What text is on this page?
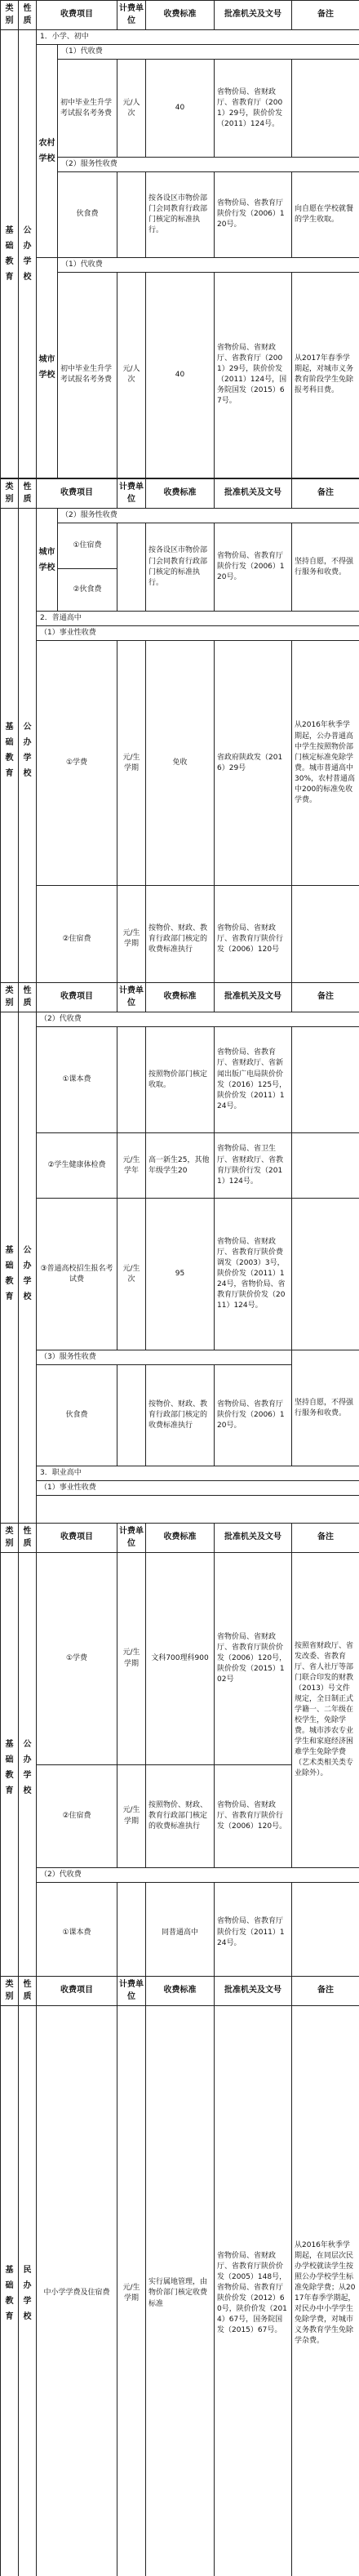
类别	性质	收费项目		计费单位	收费标准	批准机关及文号	备注
基础教育	公办学校	1．小学、初中					
		农村学校	（1）代收费				
			初中毕业生升学考试报名考务费	元/人次	40	省物价局、省财政厅、省教育厅（2001）29号，陕价价发（2011）124号。	
			（2）服务性收费				
			伙食费		按各设区市物价部门会同教育行政部门核定的标准执行。	省物价局、省教育厅陕价行发（2006）120号。	向自愿在学校就餐的学生收取。
		城市学校	（1）代收费				
			初中毕业生升学考试报名考务费	元/人次	40	省物价局、省财政厅、省教育厅（2001）29号，陕价价发（2011）124号，国务院国发（2015）67号。	从2017年春季学期起，对城市义务教育阶段学生免除报考科目费。
类别	性质	收费项目		计费单位	收费标准	批准机关及文号	备注
基础教育	公办学校	城市学校	（2）服务性收费				
			①住宿费		按各设区市物价部门会同教育行政部门核定的标准执行。	省物价局、省教育厅陕价行发（2006）120号。	坚持自愿，不得强行服务和收费。
			②伙食费				
		2．普通高中					
		（1）事业性收费					
		①学费		元/生学期	免收	省政府陕政发（2016）29号	从2016年秋季学期起，公办普通高中学生按照物价部门核定标准免除学费。城市普通高中30%，农村普通高中200的标准免收学费。
		②住宿费		元/生学期	按物价、财政、教育行政部门核定的收费标准执行	省物价局、省财政厅、省教育厅陕价行发（2006）120号	
类别	性质	收费项目	计费单位	收费标准	批准机关及文号	备注
基础教育	公办学校	（2）代收费				
		①课本费		按照物价部门核定收取。	省物价局、省教育厅、省财政厅、省新闻出版广电局陕价价发（2016）125号，陕价价发（2011）124号。	
		②学生健康体检费	元/生学年	高一新生25，其他年级学生20	省物价局、省卫生厅、省财政厅、省教育厅陕价行发（2011）124号。	
		③普通高校招生报名考试费	元/生次	95	省物价局、省财政厅、省教育厅陕价费调发（2003）3号，陕价价发（2011）124号，省物价局、省教育厅陕价价发（2011）124号。	
		（3）服务性收费				坚持自愿，不得强行服务和收费。
		伙食费		按物价、财政、教育行政部门核定的收费标准执行	省物价局、省教育厅陕价行发（2006）120号。	
		3．职业高中				
		（1）事业性收费				

类别	性质	收费项目	计费单位	收费标准	批准机关及文号	备注
基础教育	公办学校	①学费	元/生学期	文科700理科900	省物价局、省财政厅、省教育厅陕价价发（2006）120号，陕价价发（2015）102号	按照省财政厅、省发改委、省教育厅、省人社厅等部门联合印发的财教（2013）号文件规定，全日制正式学籍一、二年级在校学生，免除学费。城市涉农专业学生和家庭经济困难学生免除学费（艺术类相关类专业除外）。
		②住宿费	元/生学期	按照物价、财政、教育行政部门核定的收费标准执行	省物价局、省财政厅、省教育厅陕价行发（2006）120号。	
		（2）代收费				
		①课本费		同普通高中	省物价局、省教育厅陕价行发（2011）124号。	
类别	性质	收费项目	计费单位	收费标准	批准机关及文号	备注
基础教育	民办学校	中小学学费及住宿费	元/生学期	实行属地管理，由物价部门核定收费标准	省物价局、省财政厅、省教育厅陕价价发（2005）148号，省物价局、省教育厅陕价价发（2012）60号，陕价价发（2014）67号，国务院国发（2015）67号。	从2016年秋季学期起，在同层次民办学校就读学生按照公办学校学生标准免除学费；从2017年春季学期起，对民办中小学学生免除学费，对城市义务教育学生免除学杂费。
